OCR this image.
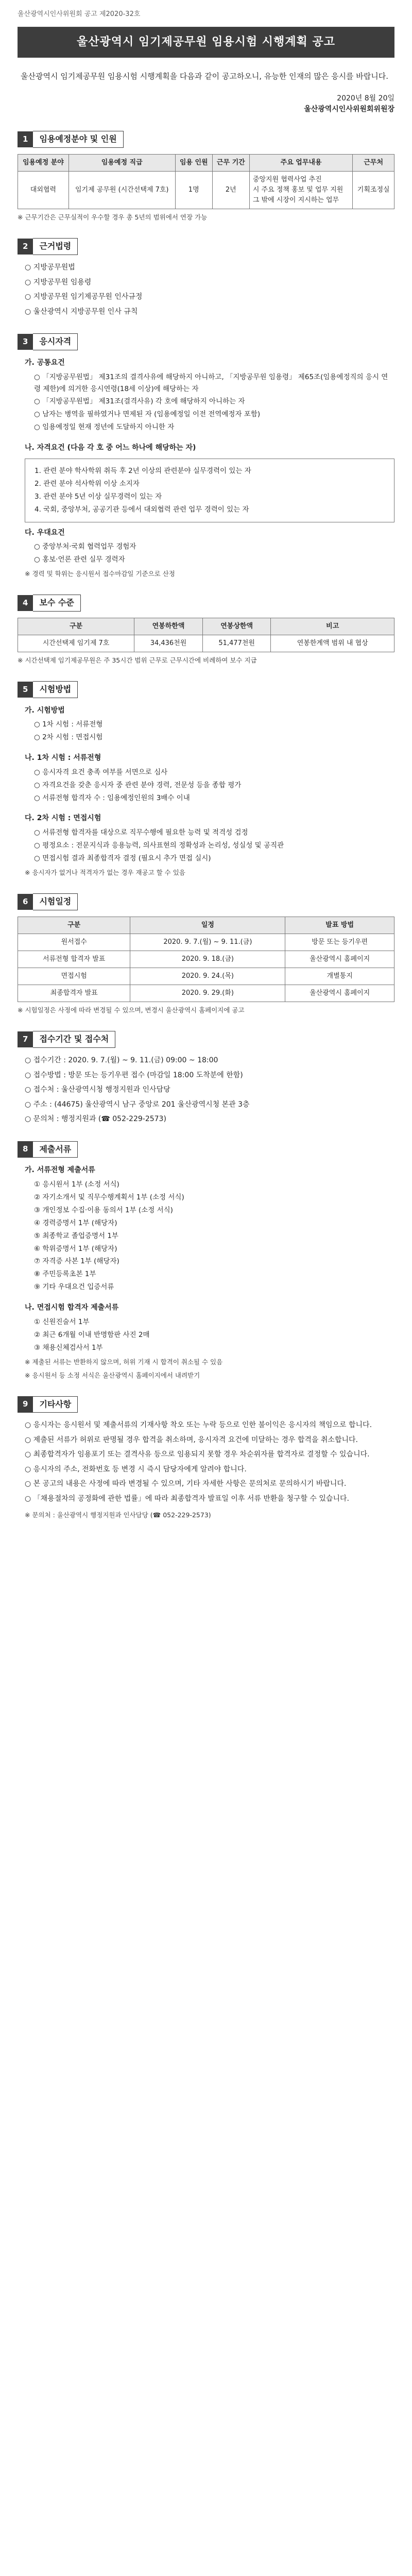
울산광역시인사위원회 공고 제2020-32호
울산광역시 임기제공무원 임용시험 시행계획 공고
울산광역시 임기제공무원 임용시험 시행계획을 다음과 같이 공고하오니, 유능한 인재의 많은 응시를 바랍니다.
2020년 8월 20일
울산광역시인사위원회위원장
1	임용예정분야 및 인원
임용예정 분야	임용예정 직급	임용 인원	근무 기간	주요 업무내용	근무처
대외협력	임기제 공무원 (시간선택제 7호)	1명	2년	중앙지원 협력사업 추진
시 주요 정책 홍보 및 업무 지원
그 밖에 시장이 지시하는 업무	기획조정실
※ 근무기간은 근무실적이 우수할 경우 총 5년의 범위에서 연장 가능
2	근거법령
○ 지방공무원법
○ 지방공무원 임용령
○ 지방공무원 임기제공무원 인사규정
○ 울산광역시 지방공무원 인사 규칙
3	응시자격
가. 공통요건
○ 「지방공무원법」 제31조의 결격사유에 해당하지 아니하고, 「지방공무원 임용령」 제65조(임용예정직의 응시 연령 제한)에 의거한 응시연령(18세 이상)에 해당하는 자
○ 「지방공무원법」 제31조(결격사유) 각 호에 해당하지 아니하는 자
○ 남자는 병역을 필하였거나 면제된 자 (임용예정일 이전 전역예정자 포함)
○ 임용예정일 현재 정년에 도달하지 아니한 자
나. 자격요건 (다음 각 호 중 어느 하나에 해당하는 자)
1. 관련 분야 학사학위 취득 후 2년 이상의 관련분야 실무경력이 있는 자
2. 관련 분야 석사학위 이상 소지자
3. 관련 분야 5년 이상 실무경력이 있는 자
4. 국회, 중앙부처, 공공기관 등에서 대외협력 관련 업무 경력이 있는 자
다. 우대요건
○ 중앙부처·국회 협력업무 경험자
○ 홍보·언론 관련 실무 경력자
※ 경력 및 학위는 응시원서 접수마감일 기준으로 산정
4	보수 수준
구분	연봉하한액	연봉상한액	비고
시간선택제 임기제 7호	34,436천원	51,477천원	연봉한계액 범위 내 협상
※ 시간선택제 임기제공무원은 주 35시간 범위 근무로 근무시간에 비례하여 보수 지급
5	시험방법
가. 시험방법
○ 1차 시험 : 서류전형
○ 2차 시험 : 면접시험
나. 1차 시험 : 서류전형
○ 응시자격 요건 충족 여부를 서면으로 심사
○ 자격요건을 갖춘 응시자 중 관련 분야 경력, 전문성 등을 종합 평가
○ 서류전형 합격자 수 : 임용예정인원의 3배수 이내
다. 2차 시험 : 면접시험
○ 서류전형 합격자를 대상으로 직무수행에 필요한 능력 및 적격성 검정
○ 평정요소 : 전문지식과 응용능력, 의사표현의 정확성과 논리성, 성실성 및 공직관
○ 면접시험 결과 최종합격자 결정 (필요시 추가 면접 실시)
※ 응시자가 없거나 적격자가 없는 경우 재공고 할 수 있음
6	시험일정
구분	일정	발표 방법
원서접수	2020. 9. 7.(월) ~ 9. 11.(금)	방문 또는 등기우편
서류전형 합격자 발표	2020. 9. 18.(금)	울산광역시 홈페이지
면접시험	2020. 9. 24.(목)	개별통지
최종합격자 발표	2020. 9. 29.(화)	울산광역시 홈페이지
※ 시험일정은 사정에 따라 변경될 수 있으며, 변경시 울산광역시 홈페이지에 공고
7	접수기간 및 접수처
○ 접수기간 : 2020. 9. 7.(월) ~ 9. 11.(금) 09:00 ~ 18:00
○ 접수방법 : 방문 또는 등기우편 접수 (마감일 18:00 도착분에 한함)
○ 접수처 : 울산광역시청 행정지원과 인사담당
○ 주소 : (44675) 울산광역시 남구 중앙로 201 울산광역시청 본관 3층
○ 문의처 : 행정지원과 (☎ 052-229-2573)
8	제출서류
가. 서류전형 제출서류
① 응시원서 1부 (소정 서식)
② 자기소개서 및 직무수행계획서 1부 (소정 서식)
③ 개인정보 수집·이용 동의서 1부 (소정 서식)
④ 경력증명서 1부 (해당자)
⑤ 최종학교 졸업증명서 1부
⑥ 학위증명서 1부 (해당자)
⑦ 자격증 사본 1부 (해당자)
⑧ 주민등록초본 1부
⑨ 기타 우대요건 입증서류
나. 면접시험 합격자 제출서류
① 신원진술서 1부
② 최근 6개월 이내 반명함판 사진 2매
③ 채용신체검사서 1부
※ 제출된 서류는 반환하지 않으며, 허위 기재 시 합격이 취소될 수 있음
※ 응시원서 등 소정 서식은 울산광역시 홈페이지에서 내려받기
9	기타사항
○ 응시자는 응시원서 및 제출서류의 기재사항 착오 또는 누락 등으로 인한 불이익은 응시자의 책임으로 합니다.
○ 제출된 서류가 허위로 판명될 경우 합격을 취소하며, 응시자격 요건에 미달하는 경우 합격을 취소합니다.
○ 최종합격자가 임용포기 또는 결격사유 등으로 임용되지 못할 경우 차순위자를 합격자로 결정할 수 있습니다.
○ 응시자의 주소, 전화번호 등 변경 시 즉시 담당자에게 알려야 합니다.
○ 본 공고의 내용은 사정에 따라 변경될 수 있으며, 기타 자세한 사항은 문의처로 문의하시기 바랍니다.
○ 「채용절차의 공정화에 관한 법률」에 따라 최종합격자 발표일 이후 서류 반환을 청구할 수 있습니다.
※ 문의처 : 울산광역시 행정지원과 인사담당 (☎ 052-229-2573)
